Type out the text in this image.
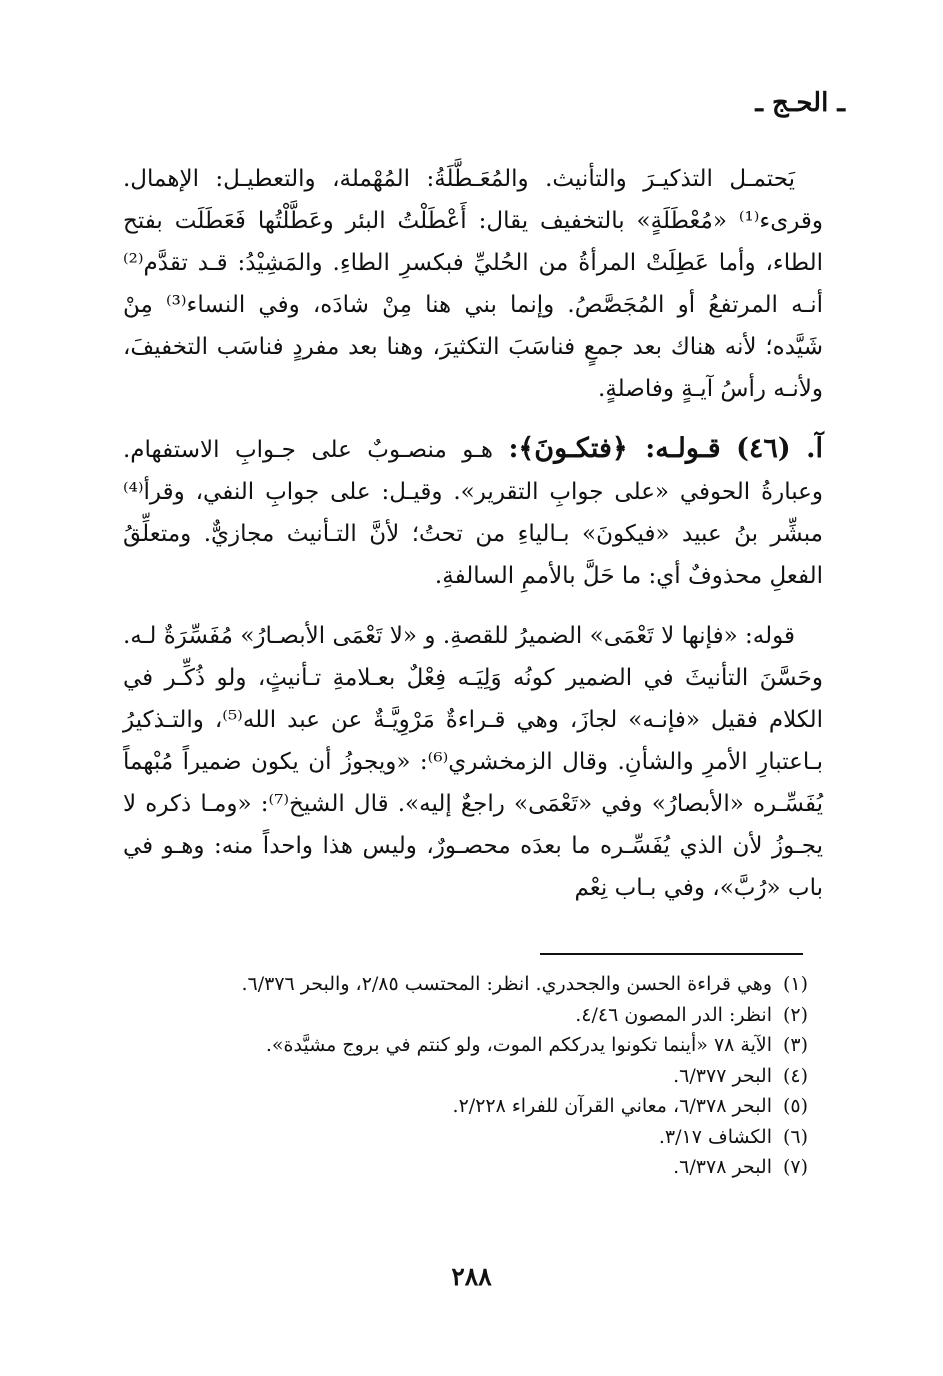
ـ الحـج ـ

يَحتمـل التذكيـرَ والتأنيث. والمُعَـطَّلَةُ: المُهْملة، والتعطيـل: الإهمال. وقرىء⁽¹⁾ «مُعْطَلَةٍ» بالتخفيف يقال: أَعْطَلْتُ البئر وعَطَّلْتُها فَعَطَلَت بفتح الطاء، وأما عَطِلَتْ المرأةُ من الحُليِّ فبكسرِ الطاءِ. والمَشِيْدُ: قـد تقدَّم⁽²⁾ أنـه المرتفعُ أو المُجَصَّصُ. وإنما بني هنا مِنْ شادَه، وفي النساء⁽³⁾ مِنْ شَيَّده؛ لأنه هناك بعد جمعٍ فناسَبَ التكثيرَ، وهنا بعد مفردٍ فناسَب التخفيفَ، ولأنـه رأسُ آيـةٍ وفاصلةٍ.

آ. (٤٦) قـولـه: ﴿فتكـونَ﴾: هـو منصـوبٌ على جـوابِ الاستفهام. وعبارةُ الحوفي «على جوابِ التقرير». وقيـل: على جوابِ النفي، وقرأ⁽⁴⁾ مبشِّر بنُ عبيد «فيكونَ» بـالياءِ من تحتُ؛ لأنَّ التـأنيث مجازيٌّ. ومتعلِّقُ الفعلِ محذوفٌ أي: ما حَلَّ بالأممِ السالفةِ.

قوله: «فإنها لا تَعْمَى» الضميرُ للقصةِ. و «لا تَعْمَى الأبصـارُ» مُفَسِّرَةٌ لـه. وحَسَّنَ التأنيثَ في الضمير كونُه وَلِيَـه فِعْلٌ بعـلامةِ تـأنيثٍ، ولو ذُكِّـر في الكلام فقيل «فإنـه» لجازَ، وهي قـراءةٌ مَرْوِيَّـةٌ عن عبد الله⁽⁵⁾، والتـذكيرُ بـاعتبارِ الأمرِ والشأنِ. وقال الزمخشري⁽⁶⁾: «ويجوزُ أن يكون ضميراً مُبْهماً يُفَسِّـره «الأبصارُ» وفي «تَعْمَى» راجعٌ إليه». قال الشيخ⁽⁷⁾: «ومـا ذكره لا يجـوزُ لأن الذي يُفَسِّـره ما بعدَه محصـورٌ، وليس هذا واحداً منه: وهـو في باب «رُبَّ»، وفي بـاب نِعْم

(١)وهي قراءة الحسن والجحدري. انظر: المحتسب ٢/٨٥، والبحر ٦/٣٧٦.
(٢)انظر: الدر المصون ٤/٤٦.
(٣)الآية ٧٨ «أينما تكونوا يدرككم الموت، ولو كنتم في بروج مشيَّدة».
(٤)البحر ٦/٣٧٧.
(٥)البحر ٦/٣٧٨، معاني القرآن للفراء ٢/٢٢٨.
(٦)الكشاف ٣/١٧.
(٧)البحر ٦/٣٧٨.
٢٨٨
